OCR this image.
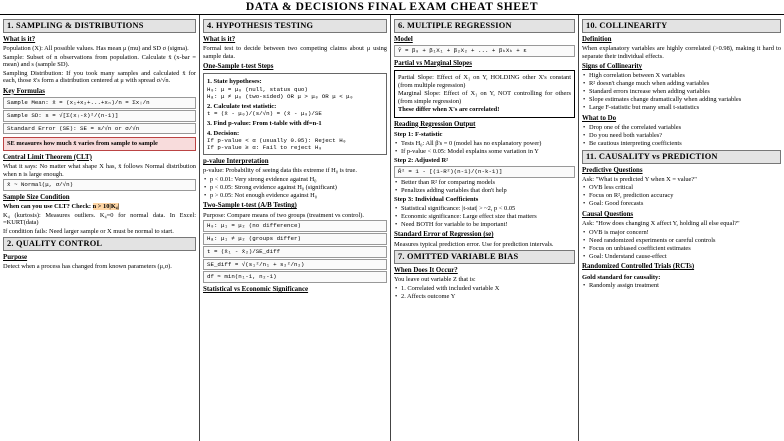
DATA & DECISIONS FINAL EXAM CHEAT SHEET
1. SAMPLING & DISTRIBUTIONS
What is it?

Population (X): All possible values. Has mean μ (mu) and SD σ (sigma).

Sample: Subset of n observations from population. Calculate x̄ (x-bar = mean) and s (sample SD).

Sampling Distribution: If you took many samples and calculated x̄ for each, those x̄'s form a distribution centered at μ with spread σ/√n.

Key Formulas
Sample Mean: x̄ = (x₁+x₂+...+xₙ)/n = Σxᵢ/n
Sample SD: s = √[Σ(xᵢ-x̄)²/(n-1)]
Standard Error (SE): SE = s/√n or σ/√n
SE measures how much x̄ varies from sample to sample
Central Limit Theorem (CLT)

What it says: No matter what shape X has, x̄ follows Normal distribution when n is large enough.

x̄ ~ Normal(μ, σ/√n)
Sample Size Condition

When can you use CLT? Check: n > 10|K₄|

K₄ (kurtosis): Measures outliers. K₄=0 for normal data. In Excel: =KURT(data)

If condition fails: Need larger sample or X must be normal to start.

2. QUALITY CONTROL
Purpose

Detect when a process has changed from known parameters (μ,σ).

4. HYPOTHESIS TESTING
What is it?

Formal test to decide between two competing claims about μ using sample data.

One-Sample t-test Steps
1. State hypotheses:
H₀: μ = μ₀ (null, status quo)
Hₐ: μ ≠ μ₀ (two-sided) OR μ > μ₀ OR μ < μ₀
2. Calculate test statistic:
t = (x̄ - μ₀)/(s/√n) = (x̄ - μ₀)/SE
3. Find p-value: From t-table with df=n-1
4. Decision:
If p-value < α (usually 0.05): Reject H₀
If p-value ≥ α: Fail to reject H₀
p-value Interpretation

p-value: Probability of seeing data this extreme if H₀ is true.

• p < 0.01: Very strong evidence against H₀
• p < 0.05: Strong evidence against H₀ (significant)
• p > 0.05: Not enough evidence against H₀
Two-Sample t-test (A/B Testing)

Purpose: Compare means of two groups (treatment vs control).

H₀: μ₁ = μ₂ (no difference)
Hₐ: μ₁ ≠ μ₂ (groups differ)
t = (x̄₁ - x̄₂)/SE_diff
SE_diff = √(s₁²/n₁ + s₂²/n₂)
df ≈ min(n₁-1, n₂-1)
Statistical vs Economic Significance
6. MULTIPLE REGRESSION
Model
Ŷ = β₀ + β₁X₁ + β₂X₂ + ... + βₖXₖ + ε
Partial vs Marginal Slopes

Partial Slope: Effect of X₁ on Y, HOLDING other X's constant (from multiple regression)

Marginal Slope: Effect of X₁ on Y, NOT controlling for others (from simple regression)

These differ when X's are correlated!

Reading Regression Output
Step 1: F-statistic
• Tests H₀: All β's = 0 (model has no explanatory power)
• If p-value < 0.05: Model explains some variation in Y
Step 2: Adjusted R²
R̄² = 1 - [(1-R²)(n-1)/(n-k-1)]
• Better than R² for comparing models
• Penalizes adding variables that don't help
Step 3: Individual Coefficients
• Statistical significance: |t-stat| > ~2, p < 0.05
• Economic significance: Large effect size that matters
• Need BOTH for variable to be important!
Standard Error of Regression (se)

Measures typical prediction error. Use for prediction intervals.

7. OMITTED VARIABLE BIAS
When Does It Occur?

You leave out variable Z that is:

• 1. Correlated with included variable X
• 2. Affects outcome Y
10. COLLINEARITY
Definition

When explanatory variables are highly correlated (>0.98), making it hard to separate their individual effects.

Signs of Collinearity
• High correlation between X variables
• R² doesn't change much when adding variables
• Standard errors increase when adding variables
• Slope estimates change dramatically when adding variables
• Large F-statistic but many small t-statistics
What to Do
• Drop one of the correlated variables
• Do you need both variables?
• Be cautious interpreting coefficients
11. CAUSALITY vs PREDICTION
Predictive Questions

Ask: "What is predicted Y when X = value?"

• OVB less critical
• Focus on R², prediction accuracy
• Goal: Good forecasts
Causal Questions

Ask: "How does changing X affect Y, holding all else equal?"

• OVB is major concern!
• Need randomized experiments or careful controls
• Focus on unbiased coefficient estimates
• Goal: Understand cause-effect
Randomized Controlled Trials (RCTs)
Gold standard for causality:
• Randomly assign treatment
